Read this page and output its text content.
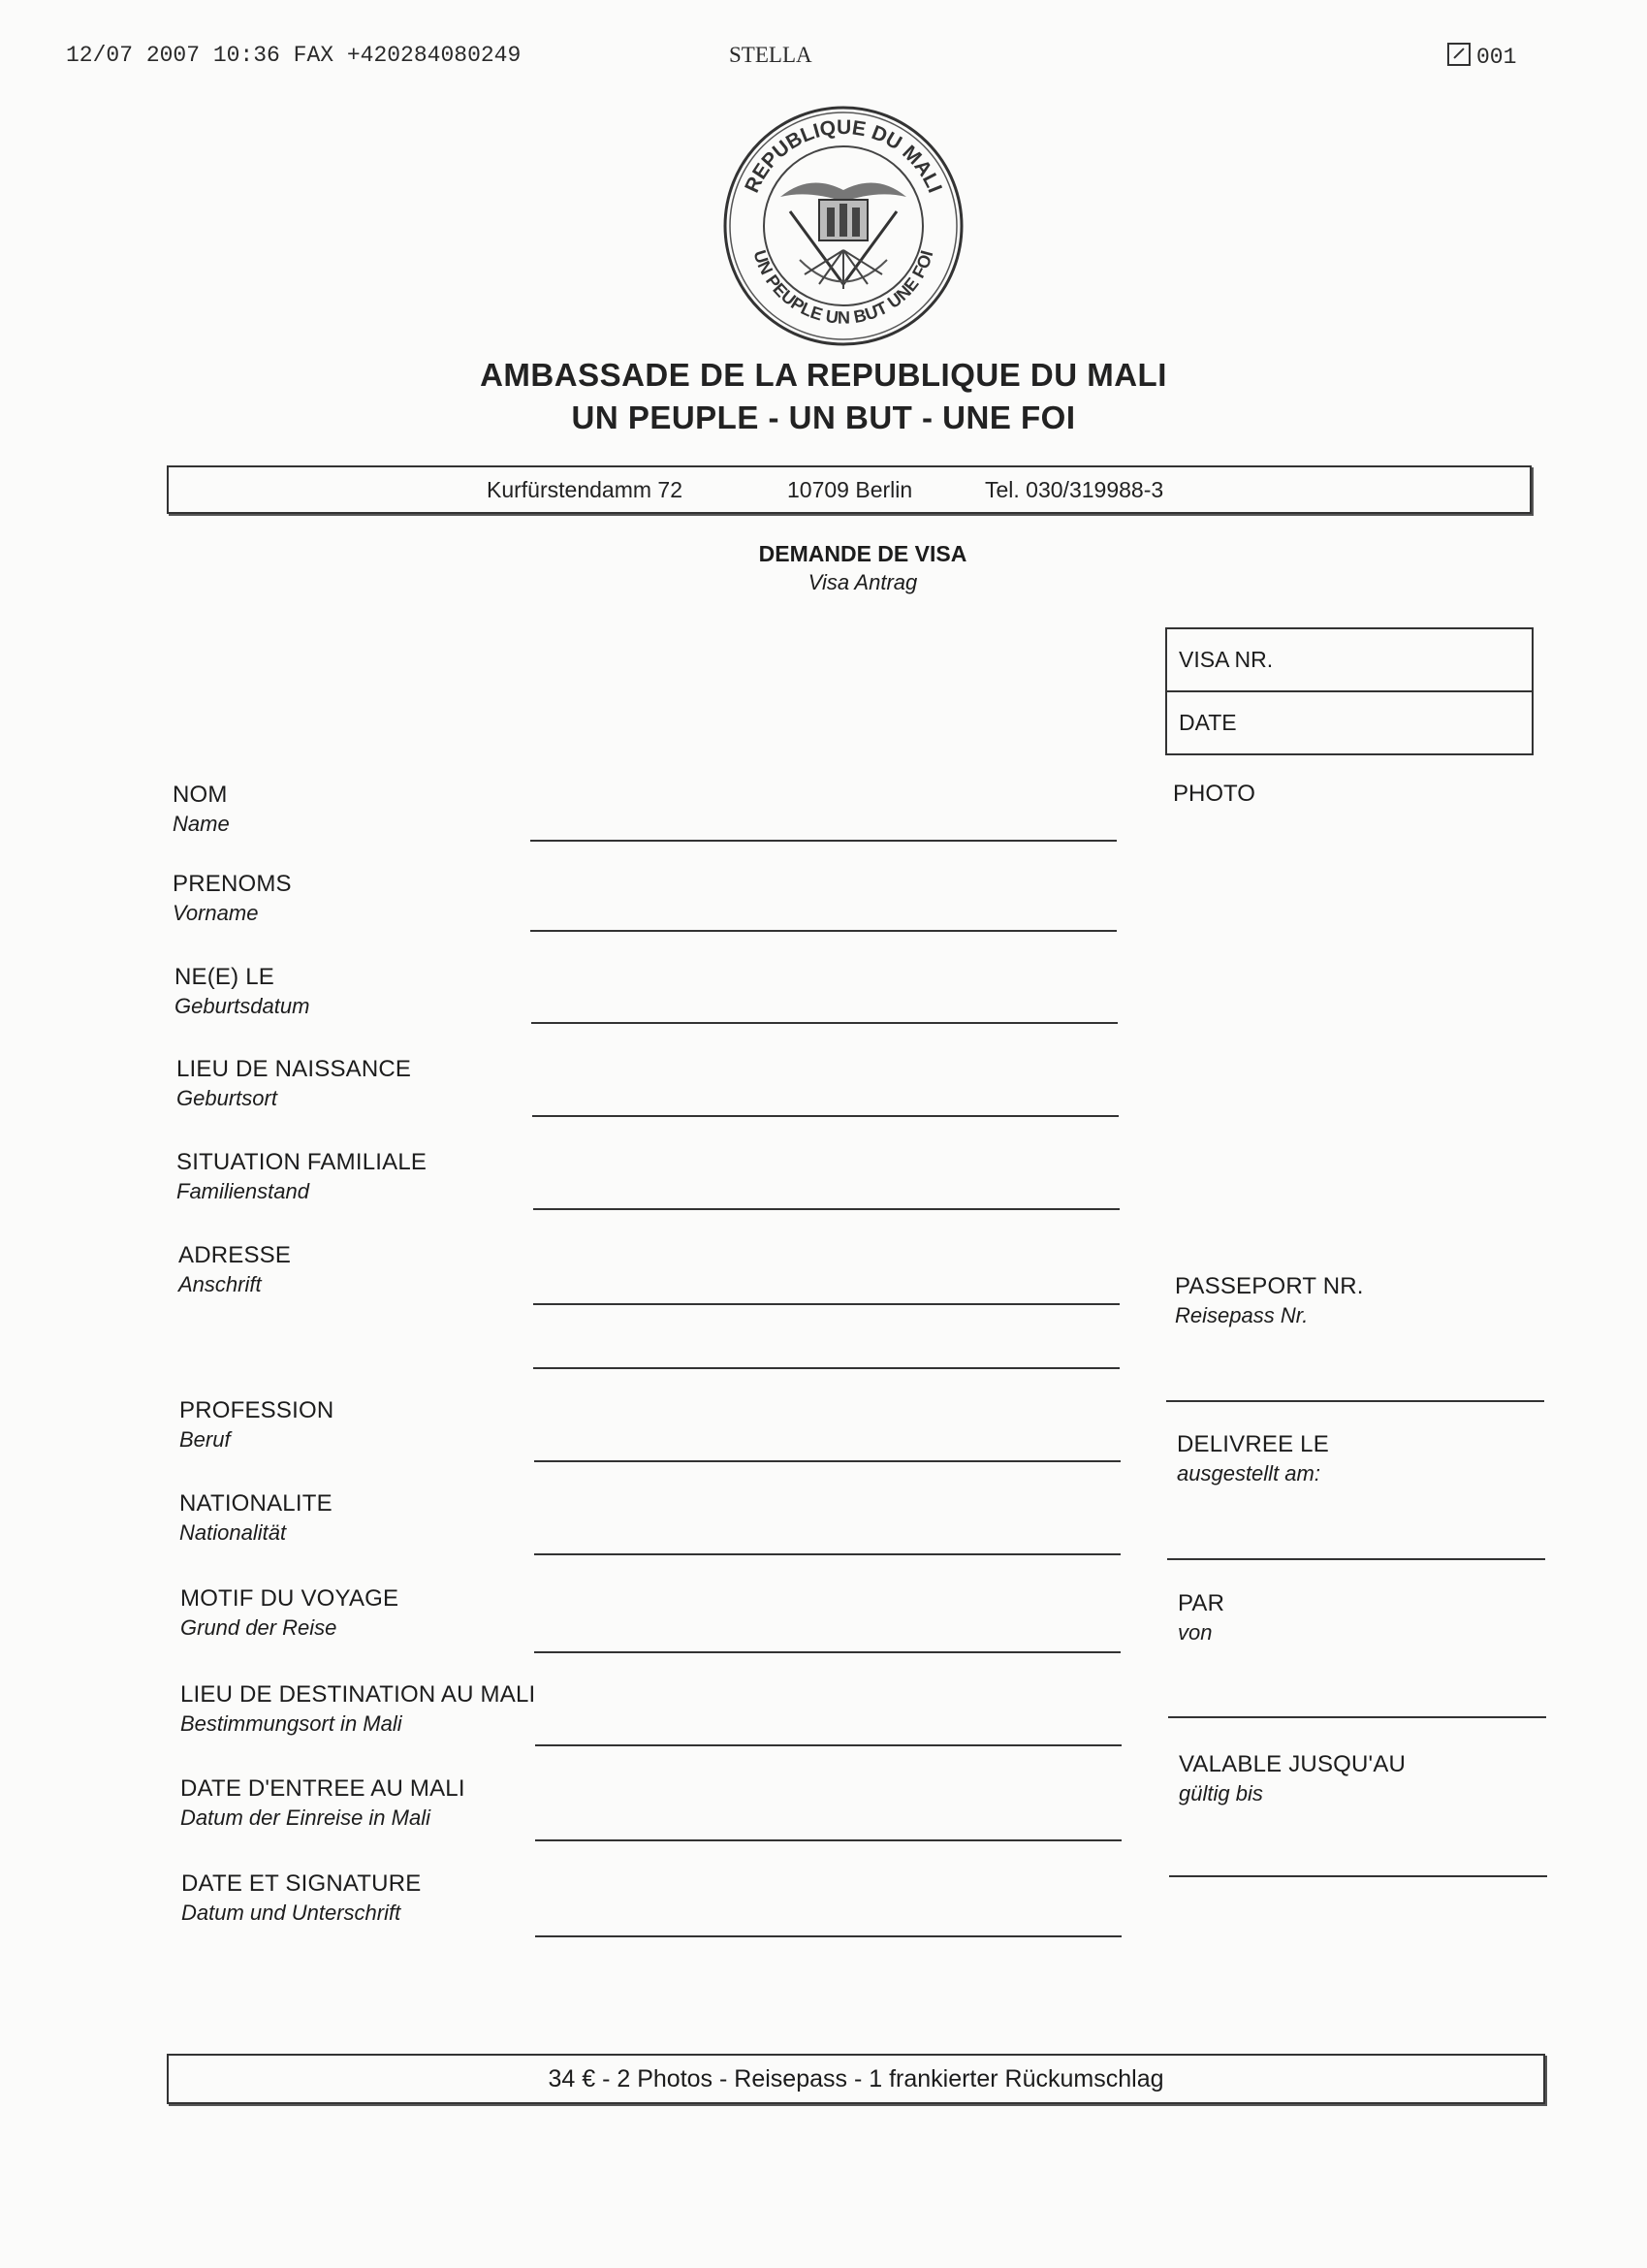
12/07 2007 10:36 FAX +420284080249	STELLA	001
REPUBLIQUE DU MALI
UN PEUPLE UN BUT UNE FOI
AMBASSADE DE LA REPUBLIQUE DU MALI
UN PEUPLE - UN BUT - UNE FOI
Kurfürstendamm 72	10709 Berlin	Tel. 030/319988-3
DEMANDE DE VISA
Visa Antrag
VISA NR.
DATE
PHOTO
NOM
Name
PRENOMS
Vorname
NE(E) LE
Geburtsdatum
LIEU DE NAISSANCE
Geburtsort
SITUATION FAMILIALE
Familienstand
ADRESSE
Anschrift
PROFESSION
Beruf
NATIONALITE
Nationalität
MOTIF DU VOYAGE
Grund der Reise
LIEU DE DESTINATION AU MALI
Bestimmungsort in Mali
DATE D'ENTREE AU MALI
Datum der Einreise in Mali
DATE ET SIGNATURE
Datum und Unterschrift
PASSEPORT NR.
Reisepass Nr.
DELIVREE LE
ausgestellt am:
PAR
von
VALABLE JUSQU'AU
gültig bis
34 € - 2 Photos - Reisepass - 1 frankierter Rückumschlag
